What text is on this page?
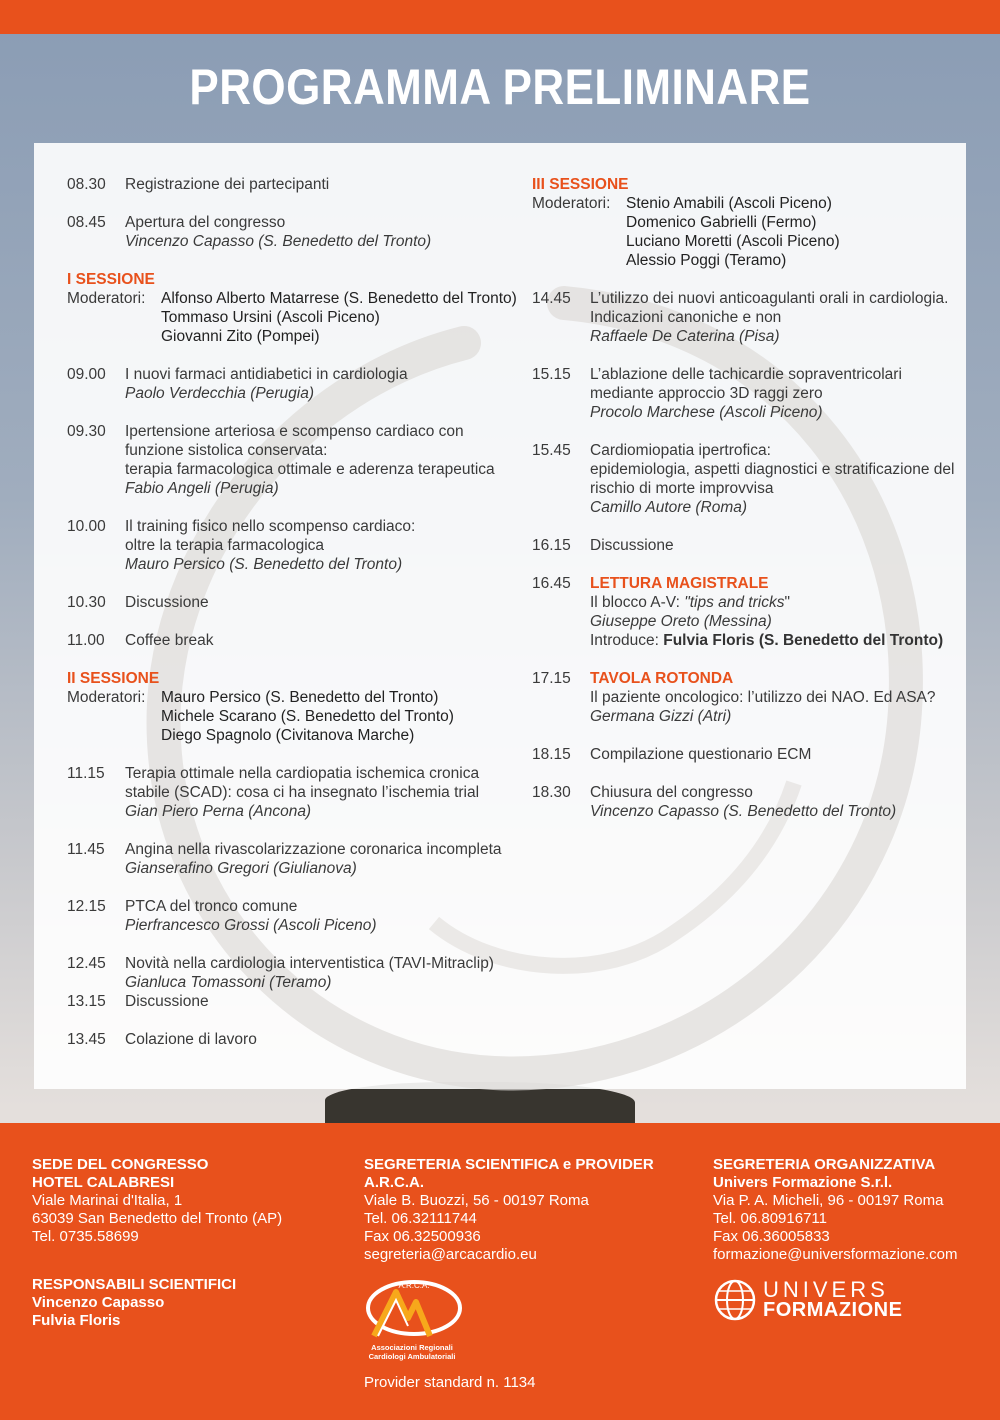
PROGRAMMA PRELIMINARE
08.30	Registrazione dei partecipanti
08.45	Apertura del congresso
Vincenzo Capasso (S. Benedetto del Tronto)
I SESSIONE
Moderatori:	Alfonso Alberto Matarrese (S. Benedetto del Tronto)
Tommaso Ursini (Ascoli Piceno)
Giovanni Zito (Pompei)
09.00	I nuovi farmaci antidiabetici in cardiologia
Paolo Verdecchia (Perugia)
09.30	Ipertensione arteriosa e scompenso cardiaco con
funzione sistolica conservata:
terapia farmacologica ottimale e aderenza terapeutica
Fabio Angeli (Perugia)
10.00	Il training fisico nello scompenso cardiaco:
oltre la terapia farmacologica
Mauro Persico (S. Benedetto del Tronto)
10.30	Discussione
11.00	Coffee break
II SESSIONE
Moderatori:	Mauro Persico (S. Benedetto del Tronto)
Michele Scarano (S. Benedetto del Tronto)
Diego Spagnolo (Civitanova Marche)
11.15	Terapia ottimale nella cardiopatia ischemica cronica
stabile (SCAD): cosa ci ha insegnato l’ischemia trial
Gian Piero Perna (Ancona)
11.45	Angina nella rivascolarizzazione coronarica incompleta
Gianserafino Gregori (Giulianova)
12.15	PTCA del tronco comune
Pierfrancesco Grossi (Ascoli Piceno)
12.45	Novità nella cardiologia interventistica (TAVI-Mitraclip)
Gianluca Tomassoni (Teramo)
13.15	Discussione
13.45	Colazione di lavoro
III SESSIONE
Moderatori:	Stenio Amabili (Ascoli Piceno)
Domenico Gabrielli (Fermo)
Luciano Moretti (Ascoli Piceno)
Alessio Poggi (Teramo)
14.45	L’utilizzo dei nuovi anticoagulanti orali in cardiologia.
Indicazioni canoniche e non
Raffaele De Caterina (Pisa)
15.15	L’ablazione delle tachicardie sopraventricolari
mediante approccio 3D raggi zero
Procolo Marchese (Ascoli Piceno)
15.45	Cardiomiopatia ipertrofica:
epidemiologia, aspetti diagnostici e stratificazione del
rischio di morte improvvisa
Camillo Autore (Roma)
16.15	Discussione
16.45	LETTURA MAGISTRALE
Il blocco A-V: "tips and tricks"
Giuseppe Oreto (Messina)
Introduce: Fulvia Floris (S. Benedetto del Tronto)
17.15	TAVOLA ROTONDA
Il paziente oncologico: l’utilizzo dei NAO. Ed ASA?
Germana Gizzi (Atri)
18.15	Compilazione questionario ECM
18.30	Chiusura del congresso
Vincenzo Capasso (S. Benedetto del Tronto)
SEDE DEL CONGRESSO
HOTEL CALABRESI
Viale Marinai d'Italia, 1
63039 San Benedetto del Tronto (AP)
Tel. 0735.58699
RESPONSABILI SCIENTIFICI
Vincenzo Capasso
Fulvia Floris
SEGRETERIA SCIENTIFICA e PROVIDER
A.R.C.A.
Viale B. Buozzi, 56 - 00197 Roma
Tel. 06.32111744
Fax 06.32500936
segreteria@arcacardio.eu
A.R.C.A.
Associazioni Regionali
Cardiologi Ambulatoriali
Provider standard n. 1134
SEGRETERIA ORGANIZZATIVA
Univers Formazione S.r.l.
Via P. A. Micheli, 96 - 00197 Roma
Tel. 06.80916711
Fax 06.36005833
formazione@universformazione.com
UNIVERS
FORMAZIONE
